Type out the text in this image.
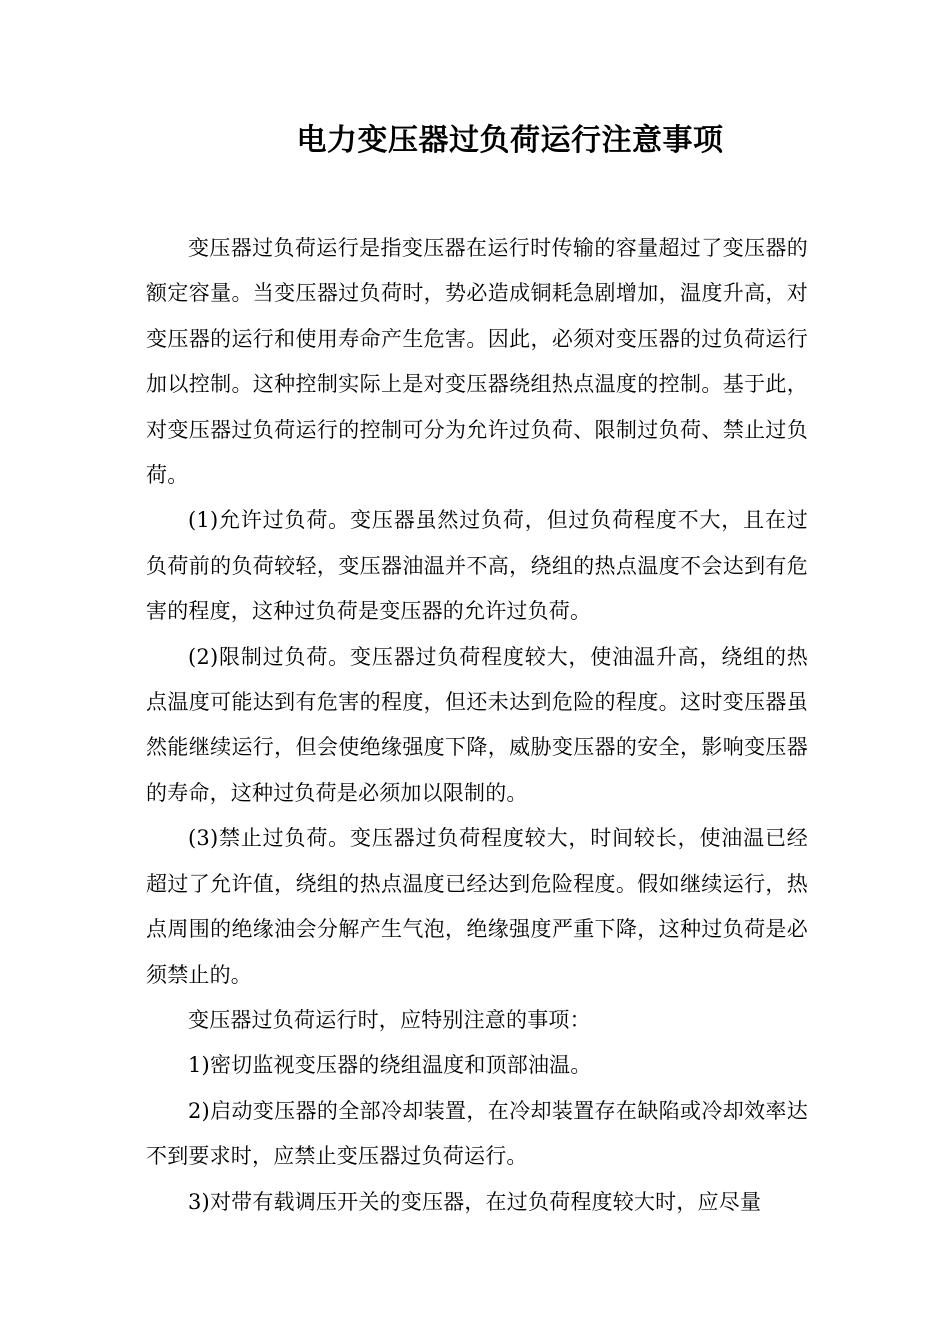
电力变压器过负荷运行注意事项

变压器过负荷运行是指变压器在运行时传输的容量超过了变压器的额定容量。当变压器过负荷时，势必造成铜耗急剧增加，温度升高，对变压器的运行和使用寿命产生危害。因此，必须对变压器的过负荷运行加以控制。这种控制实际上是对变压器绕组热点温度的控制。基于此，对变压器过负荷运行的控制可分为允许过负荷、限制过负荷、禁止过负荷。

(1)允许过负荷。变压器虽然过负荷，但过负荷程度不大，且在过负荷前的负荷较轻，变压器油温并不高，绕组的热点温度不会达到有危害的程度，这种过负荷是变压器的允许过负荷。

(2)限制过负荷。变压器过负荷程度较大，使油温升高，绕组的热点温度可能达到有危害的程度，但还未达到危险的程度。这时变压器虽然能继续运行，但会使绝缘强度下降，威胁变压器的安全，影响变压器的寿命，这种过负荷是必须加以限制的。

(3)禁止过负荷。变压器过负荷程度较大，时间较长，使油温已经超过了允许值，绕组的热点温度已经达到危险程度。假如继续运行，热点周围的绝缘油会分解产生气泡，绝缘强度严重下降，这种过负荷是必须禁止的。

变压器过负荷运行时，应特别注意的事项：

1)密切监视变压器的绕组温度和顶部油温。

2)启动变压器的全部冷却装置，在冷却装置存在缺陷或冷却效率达不到要求时，应禁止变压器过负荷运行。

3)对带有载调压开关的变压器，在过负荷程度较大时，应尽量
